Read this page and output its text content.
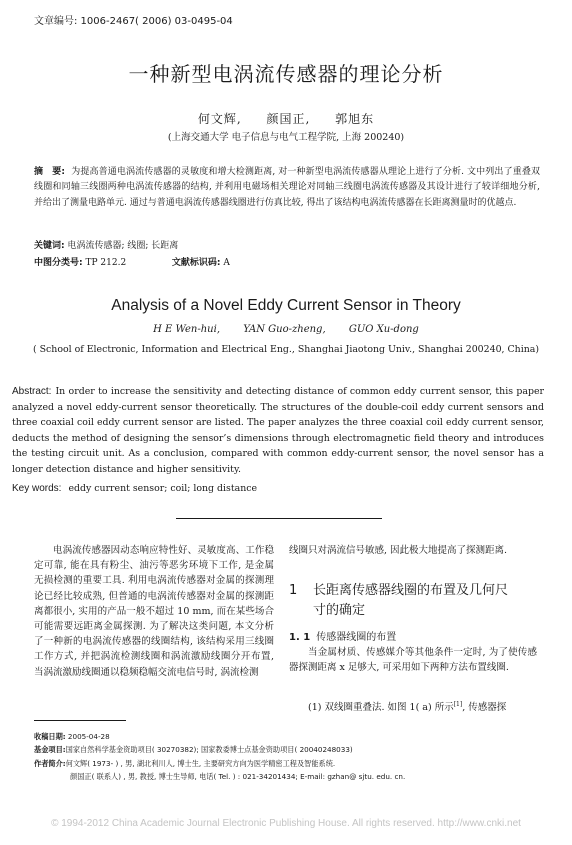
文章编号: 1006-2467( 2006) 03-0495-04
一种新型电涡流传感器的理论分析
何文辉, 颜国正, 郭旭东
(上海交通大学 电子信息与电气工程学院, 上海 200240)
摘　要: 为提高普通电涡流传感器的灵敏度和增大检测距离, 对一种新型电涡流传感器从理论上进行了分析. 文中列出了重叠双线圈和同轴三线圈两种电涡流传感器的结构, 并利用电磁场相关理论对同轴三线圈电涡流传感器及其设计进行了较详细地分析, 并给出了测量电路单元. 通过与普通电涡流传感器线圈进行仿真比较, 得出了该结构电涡流传感器在长距离测量时的优越点.
关键词: 电涡流传感器; 线圈; 长距离
中图分类号: TP 212.2	文献标识码: A
Analysis of a Novel Eddy Current Sensor in Theory
H E Wen-hui, YAN Guo-zheng, GUO Xu-dong
( School of Electronic, Information and Electrical Eng., Shanghai Jiaotong Univ., Shanghai 200240, China)
Abstract: In order to increase the sensitivity and detecting distance of common eddy current sensor, this paper analyzed a novel eddy-current sensor theoretically. The structures of the double-coil eddy current sensors and three coaxial coil eddy current sensor are listed. The paper analyzes the three coaxial coil eddy current sensor, deducts the method of designing the sensor’s dimensions through electromagnetic field theory and introduces the testing circuit unit. As a conclusion, compared with common eddy-current sensor, the novel sensor has a longer detection distance and higher sensitivity.
Key words: eddy current sensor; coil; long distance
电涡流传感器因动态响应特性好、灵敏度高、工作稳定可靠, 能在具有粉尘、油污等恶劣环境下工作, 是金属无损检测的重要工具. 利用电涡流传感器对金属的探测理论已经比较成熟, 但普通的电涡流传感器对金属的探测距离都很小, 实用的产品一般不超过 10 mm, 而在某些场合可能需要远距离金属探测. 为了解决这类问题, 本文分析了一种新的电涡流传感器的线圈结构, 该结构采用三线圈工作方式, 并把涡流检测线圈和涡流激励线圈分开布置, 当涡流激励线圈通以稳频稳幅交流电信号时, 涡流检测
线圈只对涡流信号敏感, 因此极大地提高了探测距离.
1 长距离传感器线圈的布置及几何尺
寸的确定
1. 1 传感器线圈的布置
当金属材质、传感媒介等其他条件一定时, 为了使传感器探测距离 x 足够大, 可采用如下两种方法布置线圈.
(1) 双线圈重叠法. 如图 1( a) 所示[1], 传感器探
收稿日期: 2005-04-28
基金项目:国家自然科学基金资助项目( 30270382); 国家教委博士点基金资助项目( 20040248033)
作者简介:何文辉( 1973- ) , 男, 湖北利川人, 博士生, 主要研究方向为医学精密工程及智能系统.
颜国正( 联系人) , 男, 教授, 博士生导师, 电话( Tel. ) : 021-34201434; E-mail: gzhan@ sjtu. edu. cn.
© 1994-2012 China Academic Journal Electronic Publishing House. All rights reserved. http://www.cnki.net
